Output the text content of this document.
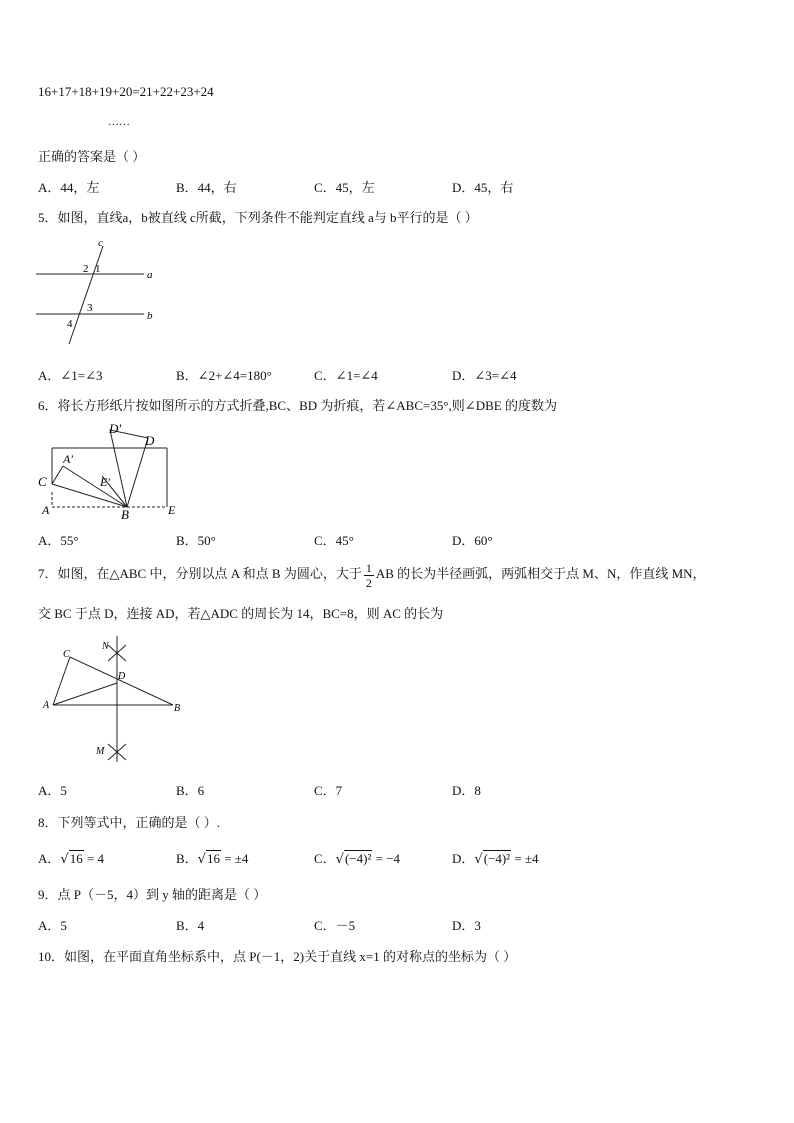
16+17+18+19+20=21+22+23+24
……
正确的答案是（ ）
A．44，左	B．44，右	C．45，左	D．45，右
5．如图，直线a，b被直线 c所截，下列条件不能判定直线 a与 b平行的是（ ）
c
a
b
2 1
3
4
A．∠1=∠3	B．∠2+∠4=180°	C．∠1=∠4	D．∠3=∠4
6．将长方形纸片按如图所示的方式折叠,BC、BD 为折痕，若∠ABC=35°,则∠DBE 的度数为
D′
D
A′
C	E′
A	B	E
A．55°	B．50°	C．45°	D．60°
7．如图，在△ABC 中，分别以点 A 和点 B 为圆心，大于 $\frac{1}{2}$ AB 的长为半径画弧，两弧相交于点 M、N，作直线 MN，
交 BC 于点 D，连接 AD，若△ADC 的周长为 14，BC=8，则 AC 的长为
N
C
D
A	B
M
A．5	B．6	C．7	D．8
8．下列等式中，正确的是（ ）.
A．√16 = 4	B．√16 = ±4	C．√(−4)² = −4	D．√(−4)² = ±4
9．点 P（－5，4）到 y 轴的距离是（ ）
A．5	B．4	C．－5	D．3
10．如图，在平面直角坐标系中，点 P(－1，2)关于直线 x=1 的对称点的坐标为（ ）
